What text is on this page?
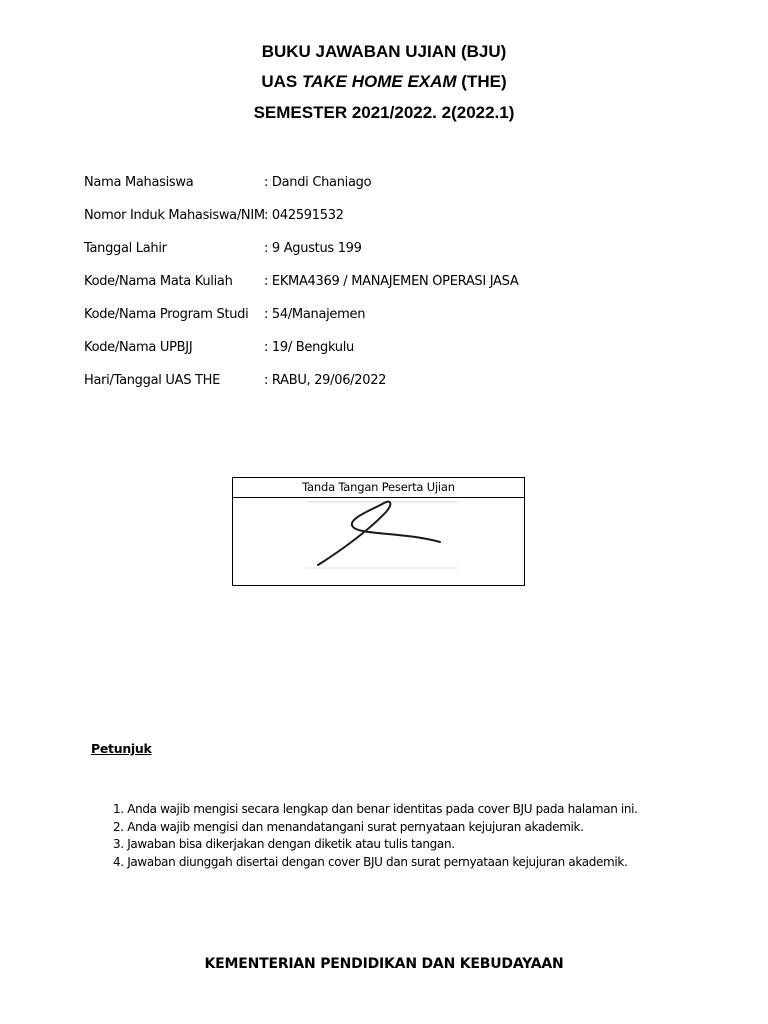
BUKU JAWABAN UJIAN (BJU)
UAS TAKE HOME EXAM (THE)
SEMESTER 2021/2022. 2(2022.1)
Nama Mahasiswa	: Dandi Chaniago
Nomor Induk Mahasiswa/NIM : 042591532
Tanggal Lahir	: 9 Agustus 199
Kode/Nama Mata Kuliah : EKMA4369 / MANAJEMEN OPERASI JASA
Kode/Nama Program Studi : 54/Manajemen
Kode/Nama UPBJJ	: 19/ Bengkulu
Hari/Tanggal UAS THE	: RABU, 29/06/2022
Tanda Tangan Peserta Ujian
Petunjuk
1. Anda wajib mengisi secara lengkap dan benar identitas pada cover BJU pada halaman ini.
2. Anda wajib mengisi dan menandatangani surat pernyataan kejujuran akademik.
3. Jawaban bisa dikerjakan dengan diketik atau tulis tangan.
4. Jawaban diunggah disertai dengan cover BJU dan surat pernyataan kejujuran akademik.
KEMENTERIAN PENDIDIKAN DAN KEBUDAYAAN
